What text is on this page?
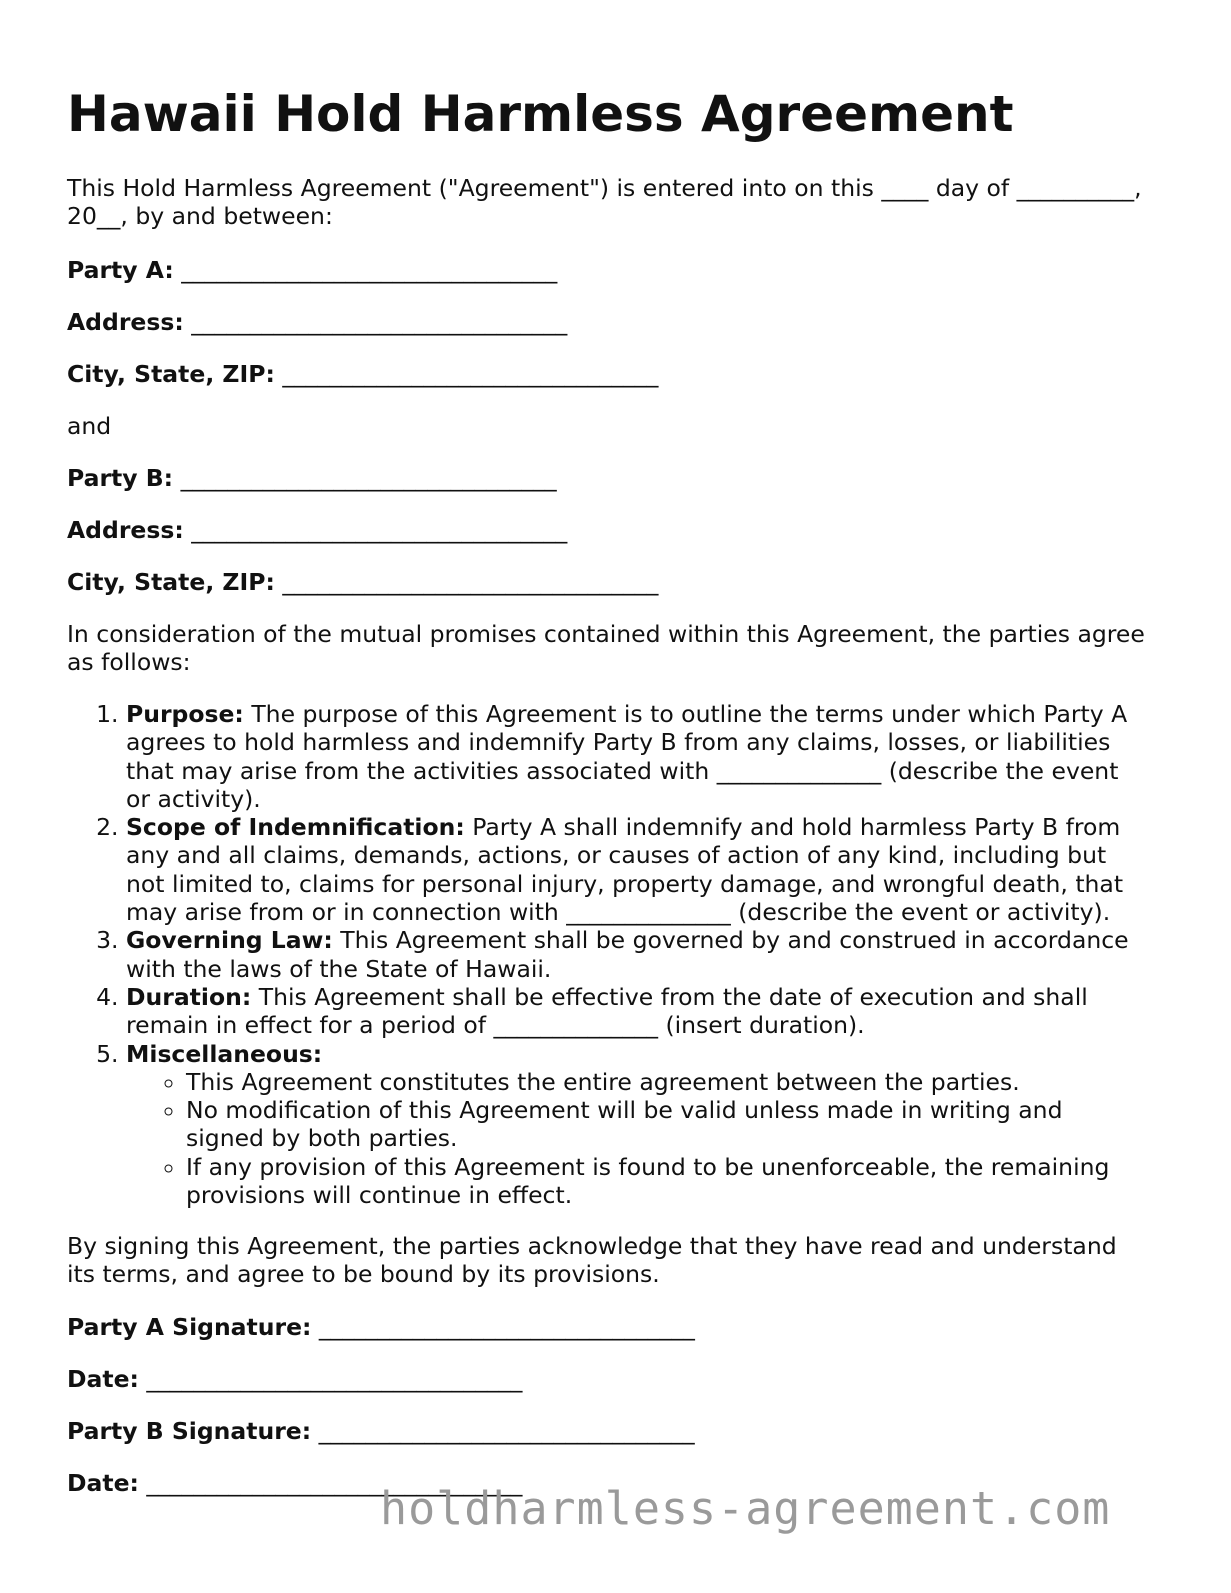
Hawaii Hold Harmless Agreement

This Hold Harmless Agreement ("Agreement") is entered into on this ____ day of __________, 20__, by and between:

Party A: ________________________________
Address: ________________________________
City, State, ZIP: ________________________________
and
Party B: ________________________________
Address: ________________________________
City, State, ZIP: ________________________________

In consideration of the mutual promises contained within this Agreement, the parties agree as follows:

1. Purpose: The purpose of this Agreement is to outline the terms under which Party A agrees to hold harmless and indemnify Party B from any claims, losses, or liabilities that may arise from the activities associated with ______________ (describe the event or activity).
2. Scope of Indemnification: Party A shall indemnify and hold harmless Party B from any and all claims, demands, actions, or causes of action of any kind, including but not limited to, claims for personal injury, property damage, and wrongful death, that may arise from or in connection with ______________ (describe the event or activity).
3. Governing Law: This Agreement shall be governed by and construed in accordance with the laws of the State of Hawaii.
4. Duration: This Agreement shall be effective from the date of execution and shall remain in effect for a period of ______________ (insert duration).
5. Miscellaneous:
◦ This Agreement constitutes the entire agreement between the parties.
◦ No modification of this Agreement will be valid unless made in writing and signed by both parties.
◦ If any provision of this Agreement is found to be unenforceable, the remaining provisions will continue in effect.

By signing this Agreement, the parties acknowledge that they have read and understand its terms, and agree to be bound by its provisions.

Party A Signature: ________________________________
Date: ________________________________
Party B Signature: ________________________________
Date: ________________________________
holdharmless-agreement.com
